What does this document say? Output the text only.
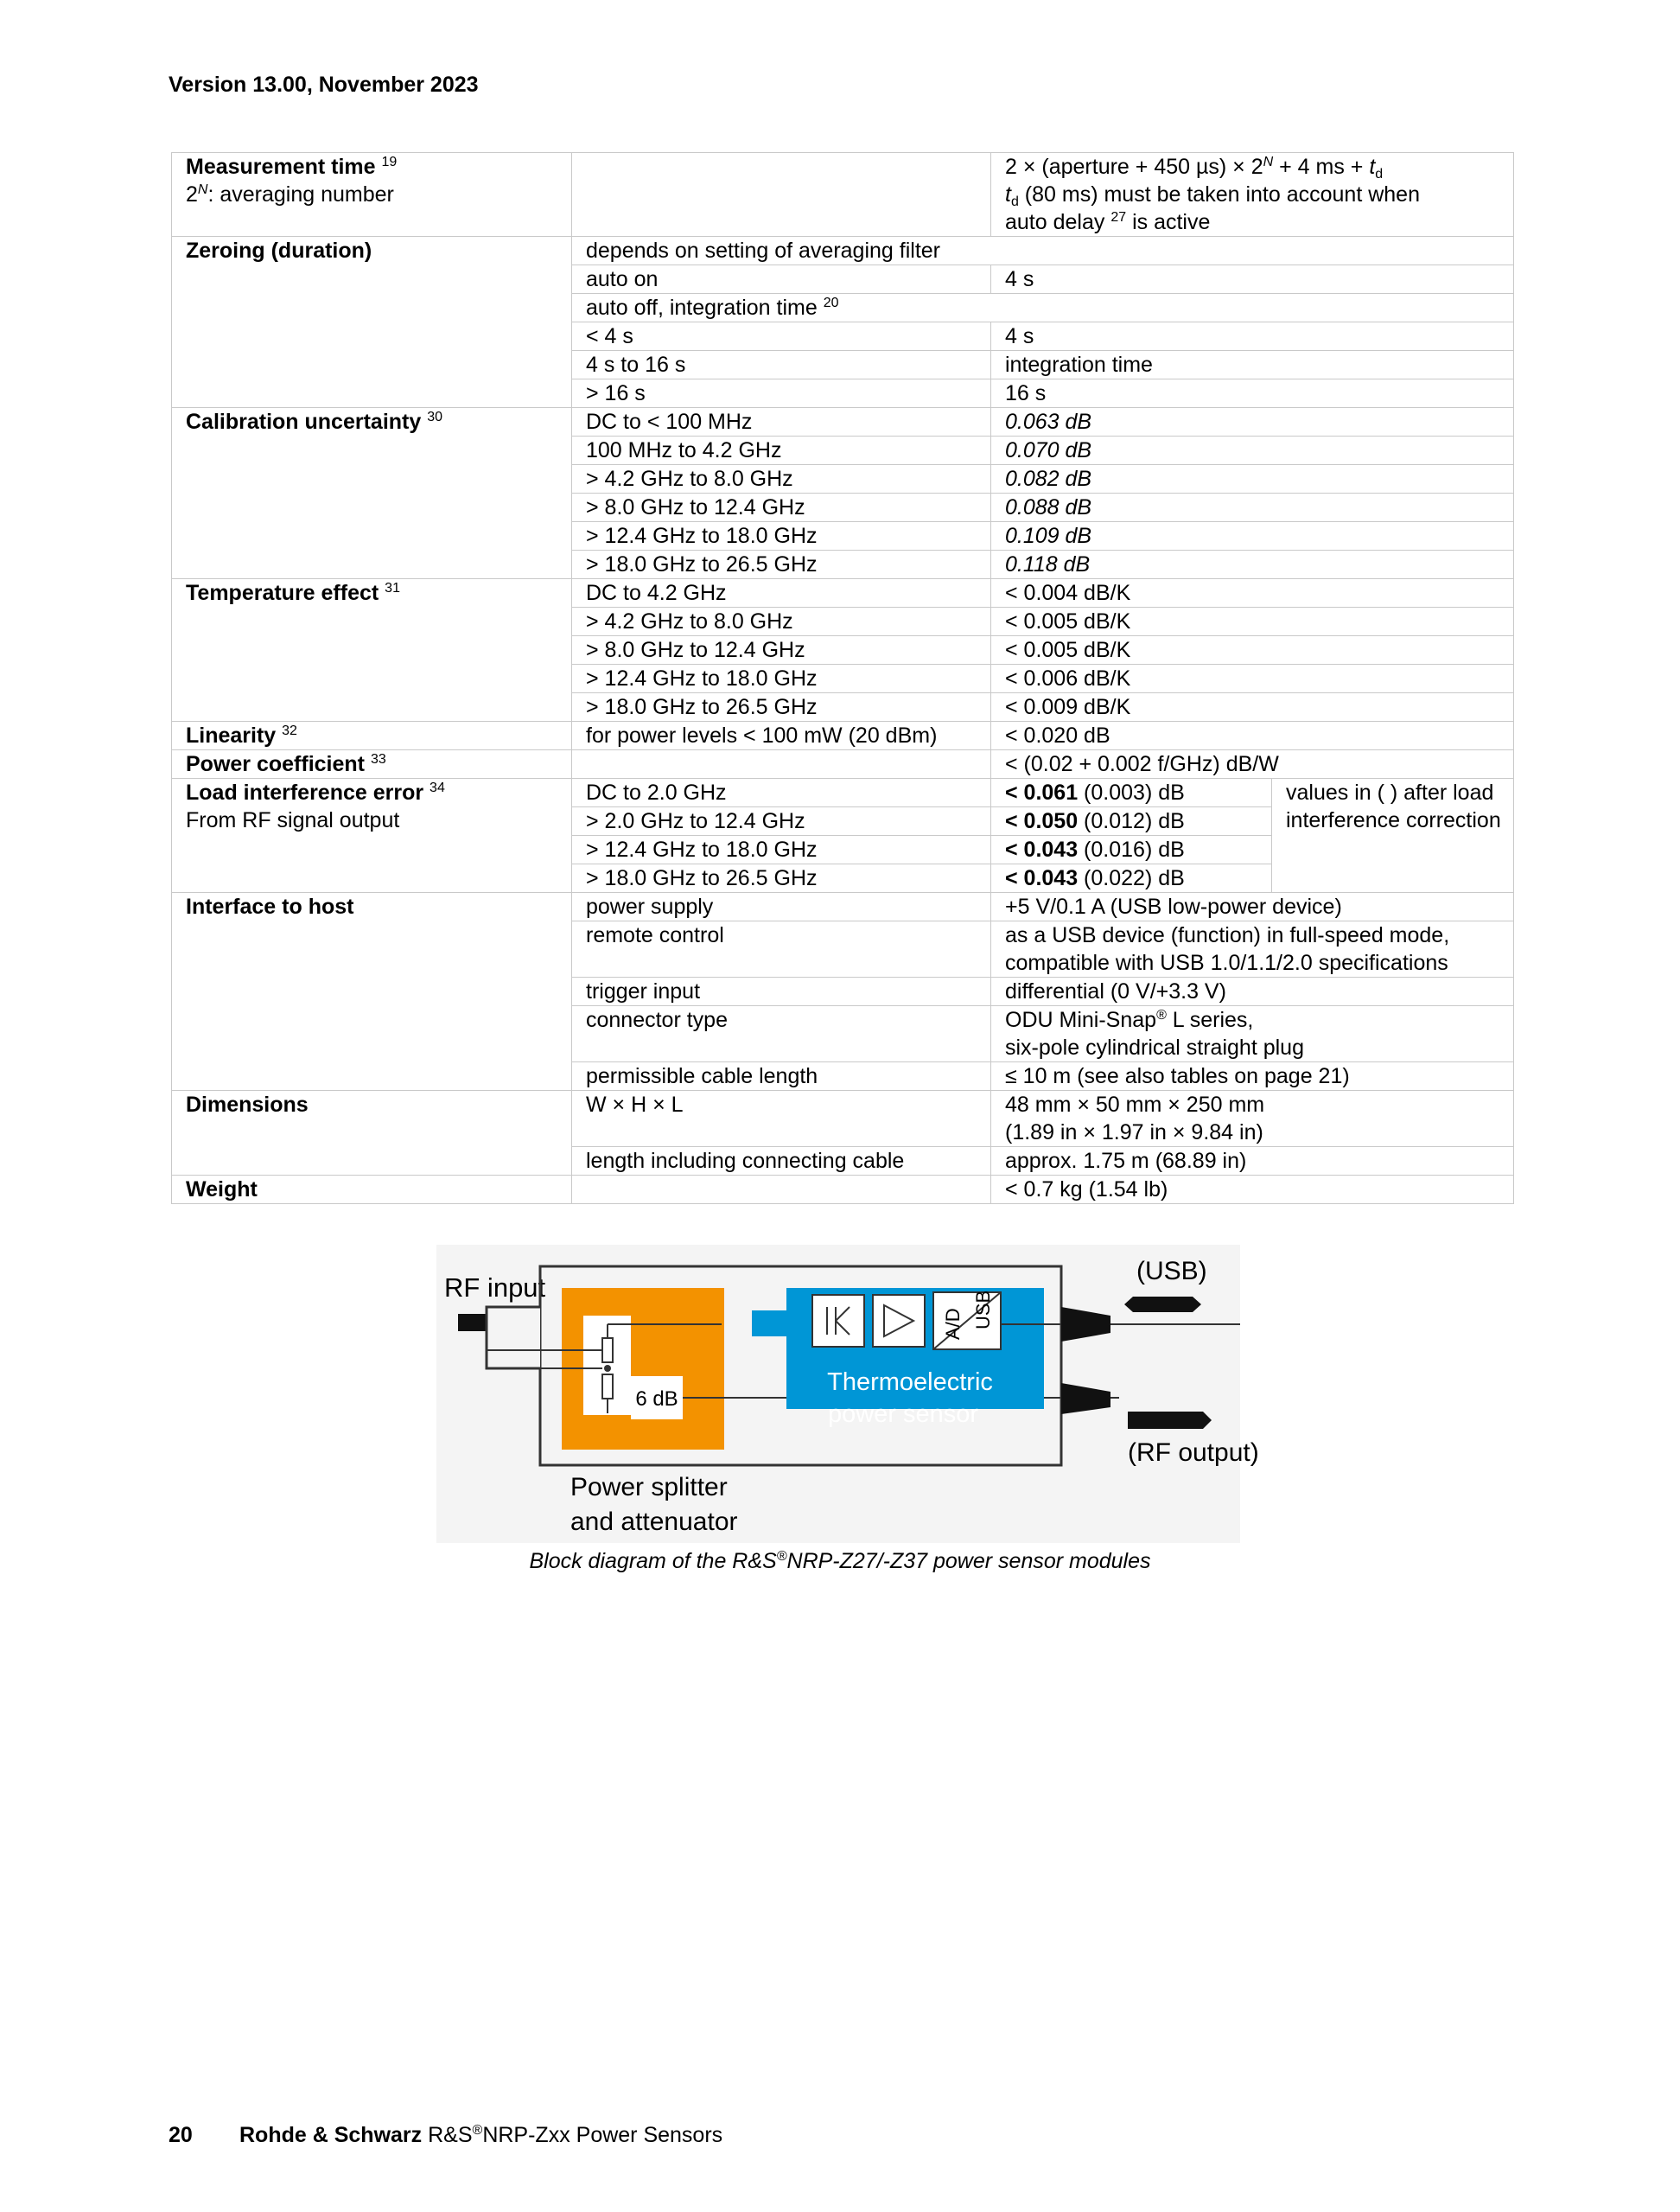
Version 13.00, November 2023
Measurement time $^{19}$
$2^N$: averaging number		2 × (aperture + 450 $\mu s) \times 2^N + 4$ ms + $t_d$
$t_d$ (80 ms) must be taken into account when
auto delay $^{27}$ is active	
Zeroing (duration)	depends on setting of averaging filter		
	auto on	4 s	
	auto off, integration time $^{20}$
	< 4 s	4 s	
	4 s to 16 s	integration time	
	> 16 s	16 s	
Calibration uncertainty $^{30}$	DC to < 100 MHz	0.063 dB	
	100 MHz to 4.2 GHz	0.070 dB	
	> 4.2 GHz to 8.0 GHz	0.082 dB	
	> 8.0 GHz to 12.4 GHz	0.088 dB	
	> 12.4 GHz to 18.0 GHz	0.109 dB	
	> 18.0 GHz to 26.5 GHz	0.118 dB	
Temperature effect $^{31}$	DC to 4.2 GHz	< 0.004 dB/K	
	> 4.2 GHz to 8.0 GHz	< 0.005 dB/K	
	> 8.0 GHz to 12.4 GHz	< 0.005 dB/K	
	> 12.4 GHz to 18.0 GHz	< 0.006 dB/K	
	> 18.0 GHz to 26.5 GHz	< 0.009 dB/K	
Linearity $^{32}$	for power levels < 100 mW (20 dBm)	< 0.020 dB	
Power coefficient $^{33}$		< (0.02 + 0.002 f/GHz) dB/W	
Load interference error $^{34}$
From RF signal output	DC to 2.0 GHz	< 0.061 (0.003) dB	values in ( ) after load interference correction
	> 2.0 GHz to 12.4 GHz	< 0.050 (0.012) dB	
	> 12.4 GHz to 18.0 GHz	< 0.043 (0.016) dB	
	> 18.0 GHz to 26.5 GHz	< 0.043 (0.022) dB	
Interface to host	power supply	+5 V/0.1 A (USB low-power device)	
	remote control	as a USB device (function) in full-speed mode,
compatible with USB 1.0/1.1/2.0 specifications	
	trigger input	differential (0 V/+3.3 V)	
	connector type	ODU Mini-Snap® L series,
six-pole cylindrical straight plug	
	permissible cable length	≤ 10 m (see also tables on page 21)	
Dimensions	W × H × L	48 mm × 50 mm × 250 mm
(1.89 in × 1.97 in × 9.84 in)	
	length including connecting cable	approx. 1.75 m (68.89 in)	
Weight		< 0.7 kg (1.54 lb)	
RF input
6 dB
A/D USB
Thermoelectric
power sensor
(USB)
(RF output)
Power splitter
and attenuator
Block diagram of the R&S®NRP-Z27/-Z37 power sensor modules
20 Rohde & Schwarz R&S®NRP-Zxx Power Sensors
